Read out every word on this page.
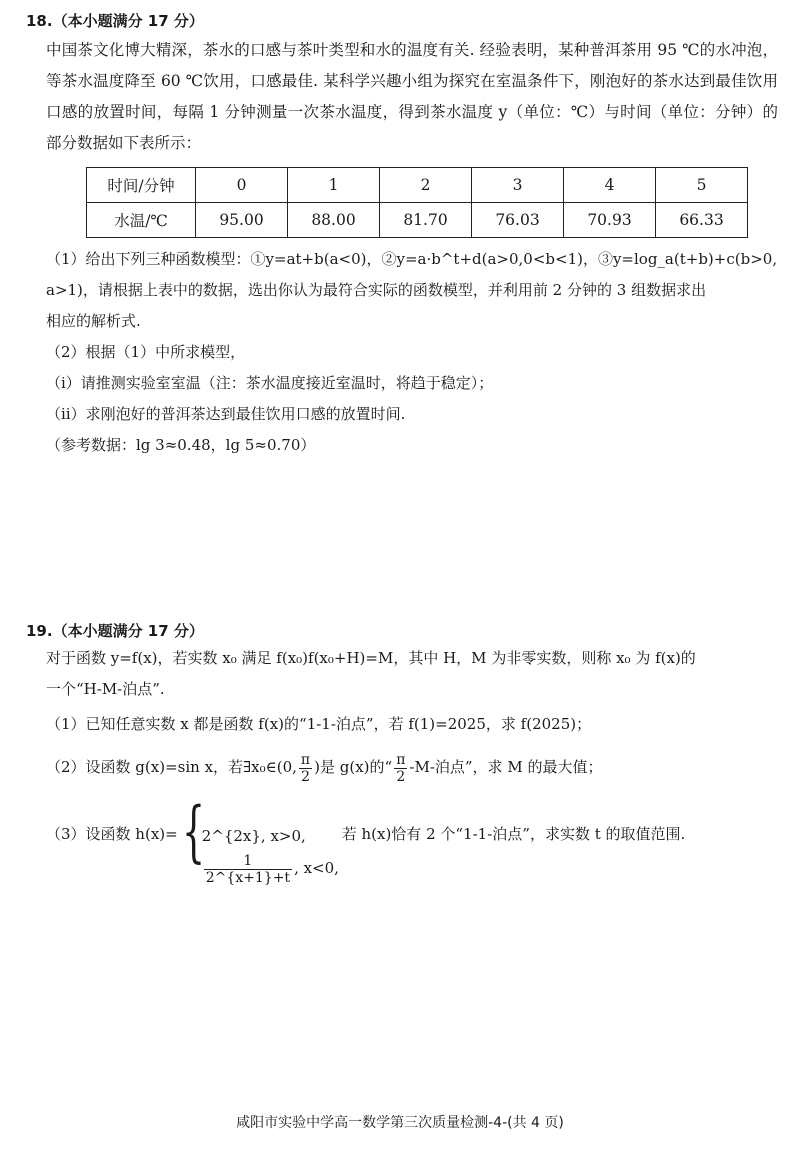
18.（本小题满分 17 分）
中国茶文化博大精深，茶水的口感与茶叶类型和水的温度有关. 经验表明，某种普洱茶用 95 ℃的水冲泡，等茶水温度降至 60 ℃饮用，口感最佳. 某科学兴趣小组为探究在室温条件下，刚泡好的茶水达到最佳饮用口感的放置时间，每隔 1 分钟测量一次茶水温度，得到茶水温度 y（单位：℃）与时间（单位：分钟）的部分数据如下表所示：
时间/分钟	0	1	2	3	4	5
水温/℃	95.00	88.00	81.70	76.03	70.93	66.33
（1）给出下列三种函数模型：①y=at+b(a<0)，②y=a·b^t+d(a>0,0<b<1)，③y=log_a(t+b)+c(b>0,
a>1)，请根据上表中的数据，选出你认为最符合实际的函数模型，并利用前 2 分钟的 3 组数据求出
相应的解析式.
（2）根据（1）中所求模型，
（ⅰ）请推测实验室室温（注：茶水温度接近室温时，将趋于稳定）；
（ⅱ）求刚泡好的普洱茶达到最佳饮用口感的放置时间.
（参考数据：lg 3≈0.48，lg 5≈0.70）
19.（本小题满分 17 分）
对于函数 y=f(x)，若实数 x₀ 满足 f(x₀)f(x₀+H)=M，其中 H，M 为非零实数，则称 x₀ 为 f(x)的
一个“H-M-泊点”.
（1）已知任意实数 x 都是函数 f(x)的“1-1-泊点”，若 f(1)=2025，求 f(2025)；
（2）设函数 g(x)=sin x，若∃x₀∈(0, $\frac{\pi}{2}$ )是 g(x)的“ $\frac{\pi}{2} -M-$泊点”，求 M 的最大值；
（3）设函数 h(x)= {
2^{2x}, x>0,
$\frac{1}{2\^{}\{x+1\}+t}$ , x<0,
若 h(x)恰有 2 个“1-1-泊点”，求实数 t 的取值范围.
咸阳市实验中学高一数学第三次质量检测-4-(共 4 页)
